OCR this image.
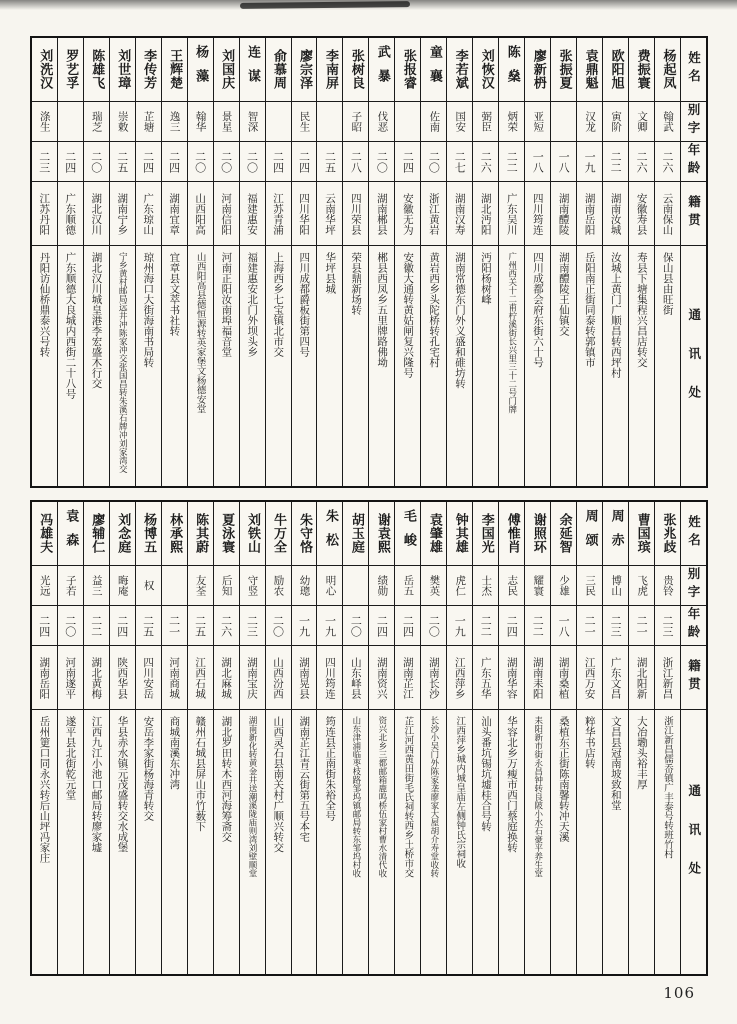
姓名
别字
年龄
籍贯
通讯处
杨起凤
翰武
二六
云南保山
保山县由旺街
费振寰
文卿
二六
安徽寿县
寿县下塘集程兴昌店转交
欧阳旭
寅阶
二二
湖南汝城
汝城上黄门广顺昌转西坪村
袁鼎魁
汉龙
一九
湖南岳阳
岳阳南正街同泰转郭镇市
张振夏
一八
湖南醴陵
湖南醴陵王仙镇交
廖新枬
亚短
一八
四川筠连
四川成都会府东街六十号
陈燊
炳荣
二二
广东吴川
广州西关十二甫柠溪街长兴里三十二号门牌
刘恢汉
弼臣
二六
湖北沔阳
沔阳杨树峰
李若斌
国安
二七
湖南汉寿
湖南常德东门外义盛和碓坊转
童襄
佐南
二〇
浙江黄岩
黄岩西乡头陀桥转孔宅村
张报睿
二四
安徽无为
安徽大通转黄姑闸复兴隆号
武暴
伐恶
二〇
湖南郴县
郴县西凤乡五里牌路佛坳
张树良
子昭
二八
四川荣县
荣县鼎新场转
李南屏
二五
云南华坪
华坪县城
廖宗泽
民生
二四
四川华阳
四川成都爵板街第四号
俞慕周
二四
江苏青浦
上海西乡七宝镇北市交
连谋
智深
二〇
福建惠安
福建惠安北门外坝头乡
刘国庆
景星
二〇
河南信阳
河南正阳汝南埠福音堂
杨藻
翰华
二〇
山西阳高
山西阳高县德恒源转英家堡文杨德安堂
王辉楚
逸三
二四
湖南宜章
宜章县文萃书社转
李传芳
芷塘
二四
广东琼山
琼州海口大街海南书局转
刘世璋
崇敕
二五
湖南宁乡
宁乡黄村邮局远井冲陈家冲交张国昌转朱溪石牌冲刘家湾交
陈雄飞
瑞芝
二〇
湖北汉川
湖北汉川城皇港李宏盛木行交
罗艺孚
二四
广东顺德
广东顺德大良城内西街二十八号
刘洗汉
涤生
二三
江苏丹阳
丹阳访仙桥鼎泰兴号转
姓名
别字
年龄
籍贯
通讯处
张兆歧
贵铃
二三
浙江新昌
浙江新昌儒岙镇广丰泰号转班竹村
曹国瑸
飞虎
二一
湖北阳新
大冶墈头裕丰厚
周赤
博山
二三
广东文昌
文昌县冠南坡致和堂
周颂
三民
二一
江西万安
粹华书店转
余延智
少雄
一八
湖南桑植
桑植东正街陈南馨转冲天溪
谢照环
耀寰
二二
湖南耒阳
耒阳新市街永昌钟转良陂小水石豪平养生堂
傅惟肖
志民
二四
湖南华容
华容北乡万瘦市西门蔡庭换转
李国光
士杰
二二
广东五华
汕头番坑锡坑墟桂合号转
钟其雄
虎仁
一九
江西萍乡
江西萍乡城内城皇庙左侧钟氏宗祠收
袁肇雄
樊英
二〇
湖南长沙
长沙小吴门外陈家垄廖家大屋胡介寿堂收转
毛峻
岳五
二四
湖南芷江
芷江河西黄田街毛氏祠转西乡土桥市交
谢袁熙
绩勋
二四
湖南资兴
资兴北乡三都邮箱鹿鸣桥伍家村曹水清代收
胡玉庭
二〇
山东峄县
山东津浦临枣枝路邹坞镇邮局转东邹坞村收
朱松
明心
一九
四川筠连
筠连县正南街朱裕全号
朱守恪
幼璁
一九
湖南晃县
湖南芷江青云街第五号本宅
牛万全
励农
二〇
山西汾西
山西灵石县南关村广顺兴转交
刘铁山
守竖
二三
湖南宝庆
湖南新化转黄金井送潮溪陇庙则湾刘壁顺堂
夏泳寰
后知
二六
湖北麻城
湖北罗田转木西河海筹斋交
陈其蔚
友荃
二五
江西石城
赣州石城县屏山市竹薮下
林承熙
二一
河南商城
商城南溪东冲湾
杨博五
权
二五
四川安岳
安岳李家街杨海青转交
刘念庭
晦庵
二四
陕西华县
华县赤水镇元茂盛转交水成堡
廖辅仁
益三
二二
湖北黄梅
江西九江小池口邮局转廖家墟
袁森
子若
二〇
河南遂平
遂平县北街乾元堂
冯雄夫
光远
二四
湖南岳阳
岳州筻口同永兴转后山坪冯家庄
106
